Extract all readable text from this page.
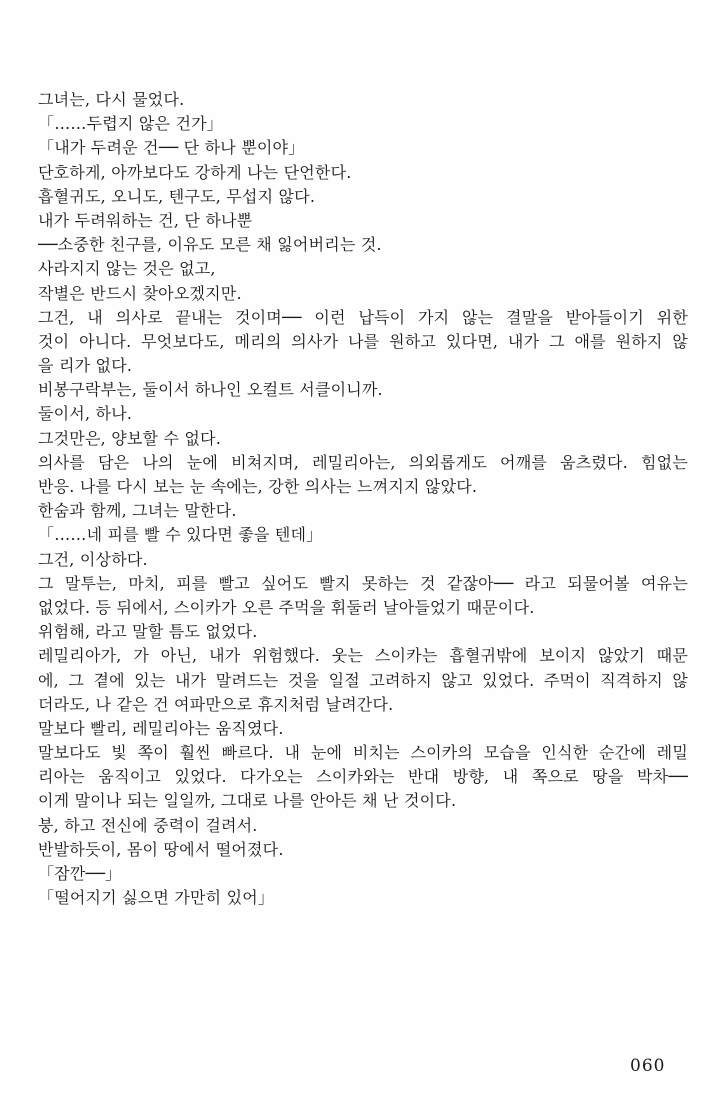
그녀는, 다시 물었다.
「……두렵지 않은 건가」
「내가 두려운 건── 단 하나 뿐이야」
단호하게, 아까보다도 강하게 나는 단언한다.
흡혈귀도, 오니도, 텐구도, 무섭지 않다.
내가 두려워하는 건, 단 하나뿐
──소중한 친구를, 이유도 모른 채 잃어버리는 것.
사라지지 않는 것은 없고,
작별은 반드시 찾아오겠지만.
그건, 내 의사로 끝내는 것이며── 이런 납득이 가지 않는 결말을 받아들이기 위한
것이 아니다. 무엇보다도, 메리의 의사가 나를 원하고 있다면, 내가 그 애를 원하지 않
을 리가 없다.
비봉구락부는, 둘이서 하나인 오컬트 서클이니까.
둘이서, 하나.
그것만은, 양보할 수 없다.
의사를 담은 나의 눈에 비쳐지며, 레밀리아는, 의외롭게도 어깨를 움츠렸다. 힘없는
반응. 나를 다시 보는 눈 속에는, 강한 의사는 느껴지지 않았다.
한숨과 함께, 그녀는 말한다.
「……네 피를 빨 수 있다면 좋을 텐데」
그건, 이상하다.
그 말투는, 마치, 피를 빨고 싶어도 빨지 못하는 것 같잖아── 라고 되물어볼 여유는
없었다. 등 뒤에서, 스이카가 오른 주먹을 휘둘러 날아들었기 때문이다.
위험해, 라고 말할 틈도 없었다.
레밀리아가, 가 아닌, 내가 위험했다. 웃는 스이카는 흡혈귀밖에 보이지 않았기 때문
에, 그 곁에 있는 내가 말려드는 것을 일절 고려하지 않고 있었다. 주먹이 직격하지 않
더라도, 나 같은 건 여파만으로 휴지처럼 날려간다.
말보다 빨리, 레밀리아는 움직였다.
말보다도 빛 쪽이 훨씬 빠르다. 내 눈에 비치는 스이카의 모습을 인식한 순간에 레밀
리아는 움직이고 있었다. 다가오는 스이카와는 반대 방향, 내 쪽으로 땅을 박차──
이게 말이나 되는 일일까, 그대로 나를 안아든 채 난 것이다.
붕, 하고 전신에 중력이 걸려서.
반발하듯이, 몸이 땅에서 떨어졌다.
「잠깐──」
「떨어지기 싫으면 가만히 있어」
060
